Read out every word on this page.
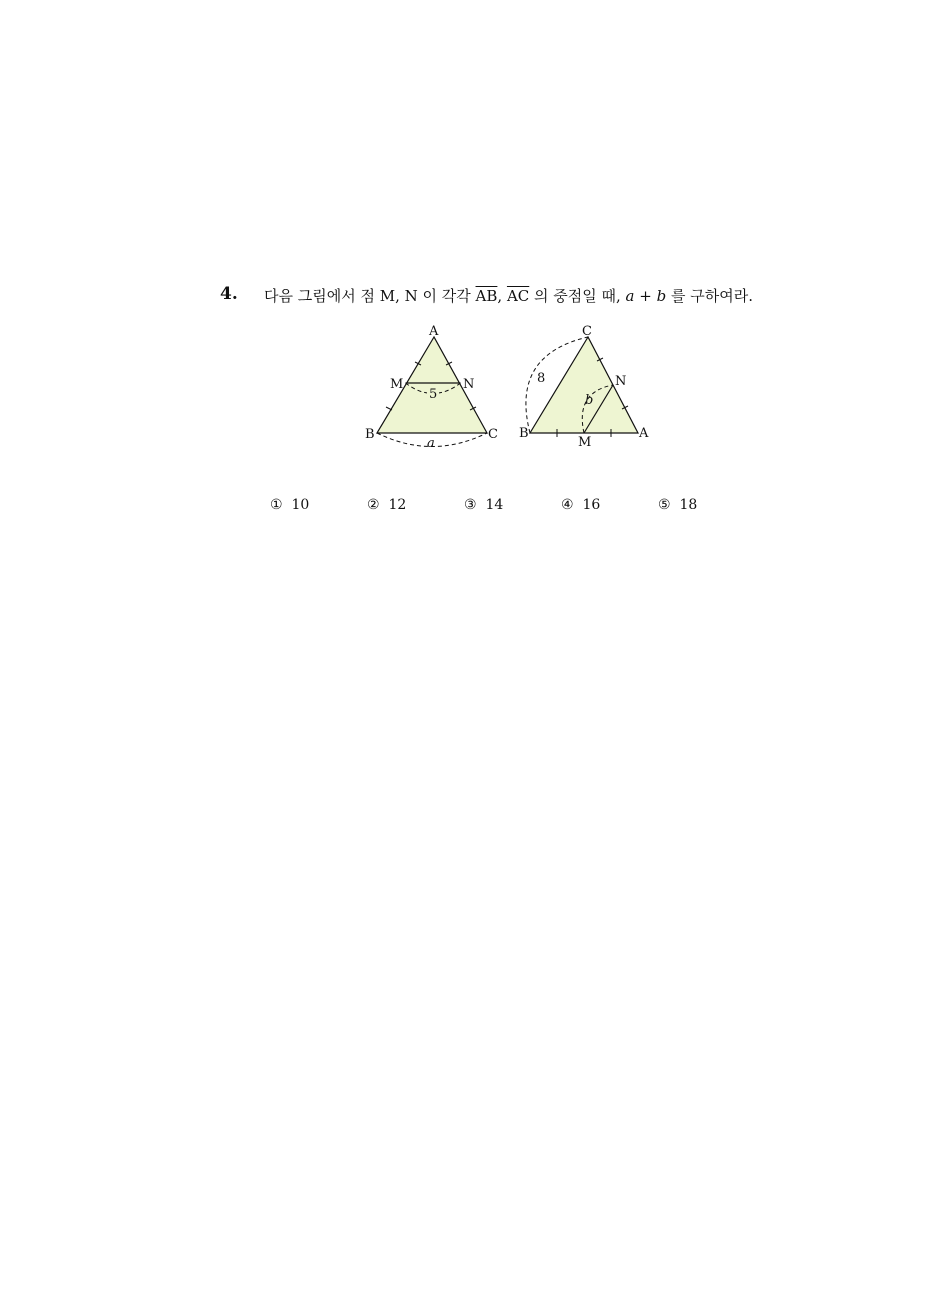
4. 다음 그림에서 점 M, N 이 각각 $\overline{AB}$, $\overline{AC}$ 의 중점일 때, a + b 를 구하여라.
A
M	N
B	C
5
a
C
N
B
M
A
8
b
① 10	② 12	③ 14	④ 16	⑤ 18
